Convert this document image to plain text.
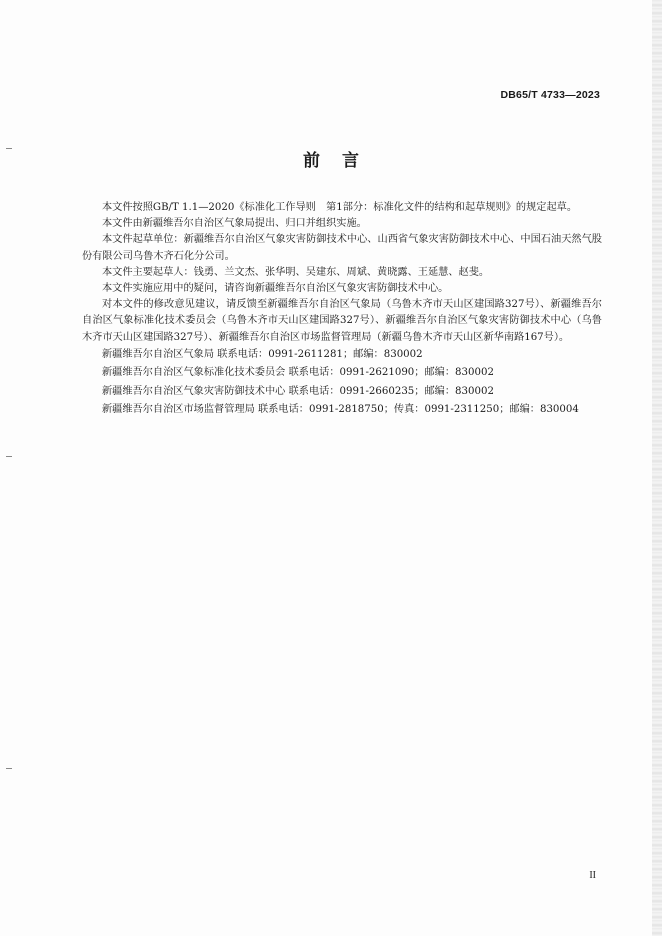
DB65/T 4733—2023
前言

本文件按照GB/T 1.1—2020《标准化工作导则　第1部分：标准化文件的结构和起草规则》的规定起草。

本文件由新疆维吾尔自治区气象局提出、归口并组织实施。

本文件起草单位：新疆维吾尔自治区气象灾害防御技术中心、山西省气象灾害防御技术中心、中国石油天然气股份有限公司乌鲁木齐石化分公司。

本文件主要起草人：钱勇、兰文杰、张华明、吴建东、周斌、黄晓露、王延慧、赵斐。

本文件实施应用中的疑问，请咨询新疆维吾尔自治区气象灾害防御技术中心。

对本文件的修改意见建议，请反馈至新疆维吾尔自治区气象局（乌鲁木齐市天山区建国路327号）、新疆维吾尔自治区气象标准化技术委员会（乌鲁木齐市天山区建国路327号）、新疆维吾尔自治区气象灾害防御技术中心（乌鲁木齐市天山区建国路327号）、新疆维吾尔自治区市场监督管理局（新疆乌鲁木齐市天山区新华南路167号）。

新疆维吾尔自治区气象局 联系电话：0991-2611281；邮编：830002

新疆维吾尔自治区气象标准化技术委员会 联系电话：0991-2621090；邮编：830002

新疆维吾尔自治区气象灾害防御技术中心 联系电话：0991-2660235；邮编：830002

新疆维吾尔自治区市场监督管理局 联系电话：0991-2818750；传真：0991-2311250；邮编：830004

II
